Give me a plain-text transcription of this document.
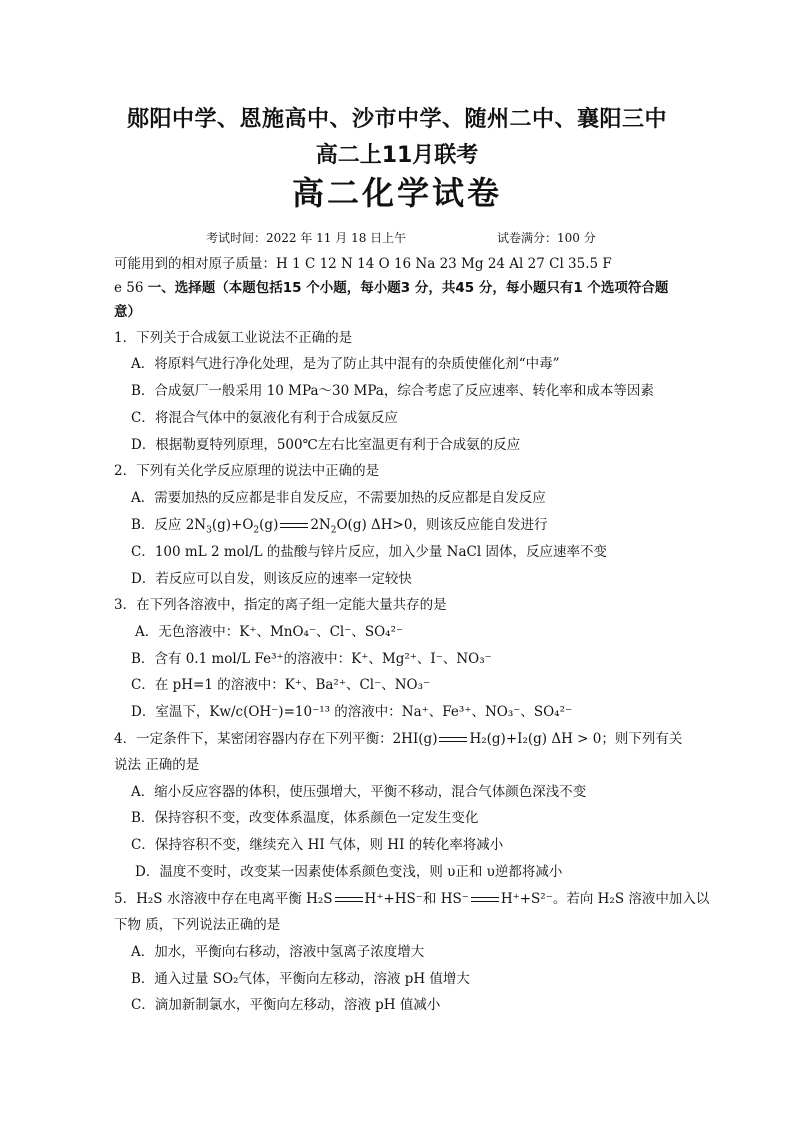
郧阳中学、恩施高中、沙市中学、随州二中、襄阳三中
高二上11月联考
高二化学试卷
考试时间：2022 年 11 月 18 日上午	试卷满分：100 分
可能用到的相对原子质量：H 1 C 12 N 14 O 16 Na 23 Mg 24 Al 27 Cl 35.5 F
e 56 一、选择题（本题包括15 个小题，每小题3 分，共45 分，每小题只有1 个选项符合题
意）
1．下列关于合成氨工业说法不正确的是
A．将原料气进行净化处理，是为了防止其中混有的杂质使催化剂“中毒”
B．合成氨厂一般采用 10 MPa～30 MPa，综合考虑了反应速率、转化率和成本等因素
C．将混合气体中的氨液化有利于合成氨反应
D．根据勒夏特列原理，500℃左右比室温更有利于合成氨的反应
2．下列有关化学反应原理的说法中正确的是
A．需要加热的反应都是非自发反应，不需要加热的反应都是自发反应
B．反应 $2N_3(g)+O_2(g)$ $2N_2O(g)$ ΔH>0，则该反应能自发进行
C．100 mL 2 mol/L 的盐酸与锌片反应，加入少量 NaCl 固体，反应速率不变
D．若反应可以自发，则该反应的速率一定较快
3．在下列各溶液中，指定的离子组一定能大量共存的是
A．无色溶液中：K⁺、MnO₄⁻、Cl⁻、SO₄²⁻
B．含有 0.1 mol/L Fe³⁺的溶液中：K⁺、Mg²⁺、I⁻、NO₃⁻
C．在 pH=1 的溶液中：K⁺、Ba²⁺、Cl⁻、NO₃⁻
D．室温下，Kw/c(OH⁻)=10⁻¹³ 的溶液中：Na⁺、Fe³⁺、NO₃⁻、SO₄²⁻
4．一定条件下，某密闭容器内存在下列平衡：2HI(g) H₂(g)+I₂(g) ΔH > 0；则下列有关
说法 正确的是
A．缩小反应容器的体积，使压强增大，平衡不移动，混合气体颜色深浅不变
B．保持容积不变，改变体系温度，体系颜色一定发生变化
C．保持容积不变，继续充入 HI 气体，则 HI 的转化率将减小
D．温度不变时，改变某一因素使体系颜色变浅，则 υ正和 υ逆都将减小
5．H₂S 水溶液中存在电离平衡 H₂S H⁺+HS⁻和 HS⁻ H⁺+S²⁻。若向 H₂S 溶液中加入以
下物 质，下列说法正确的是
A．加水，平衡向右移动，溶液中氢离子浓度增大
B．通入过量 SO₂气体，平衡向左移动，溶液 pH 值增大
C．滴加新制氯水，平衡向左移动，溶液 pH 值减小
